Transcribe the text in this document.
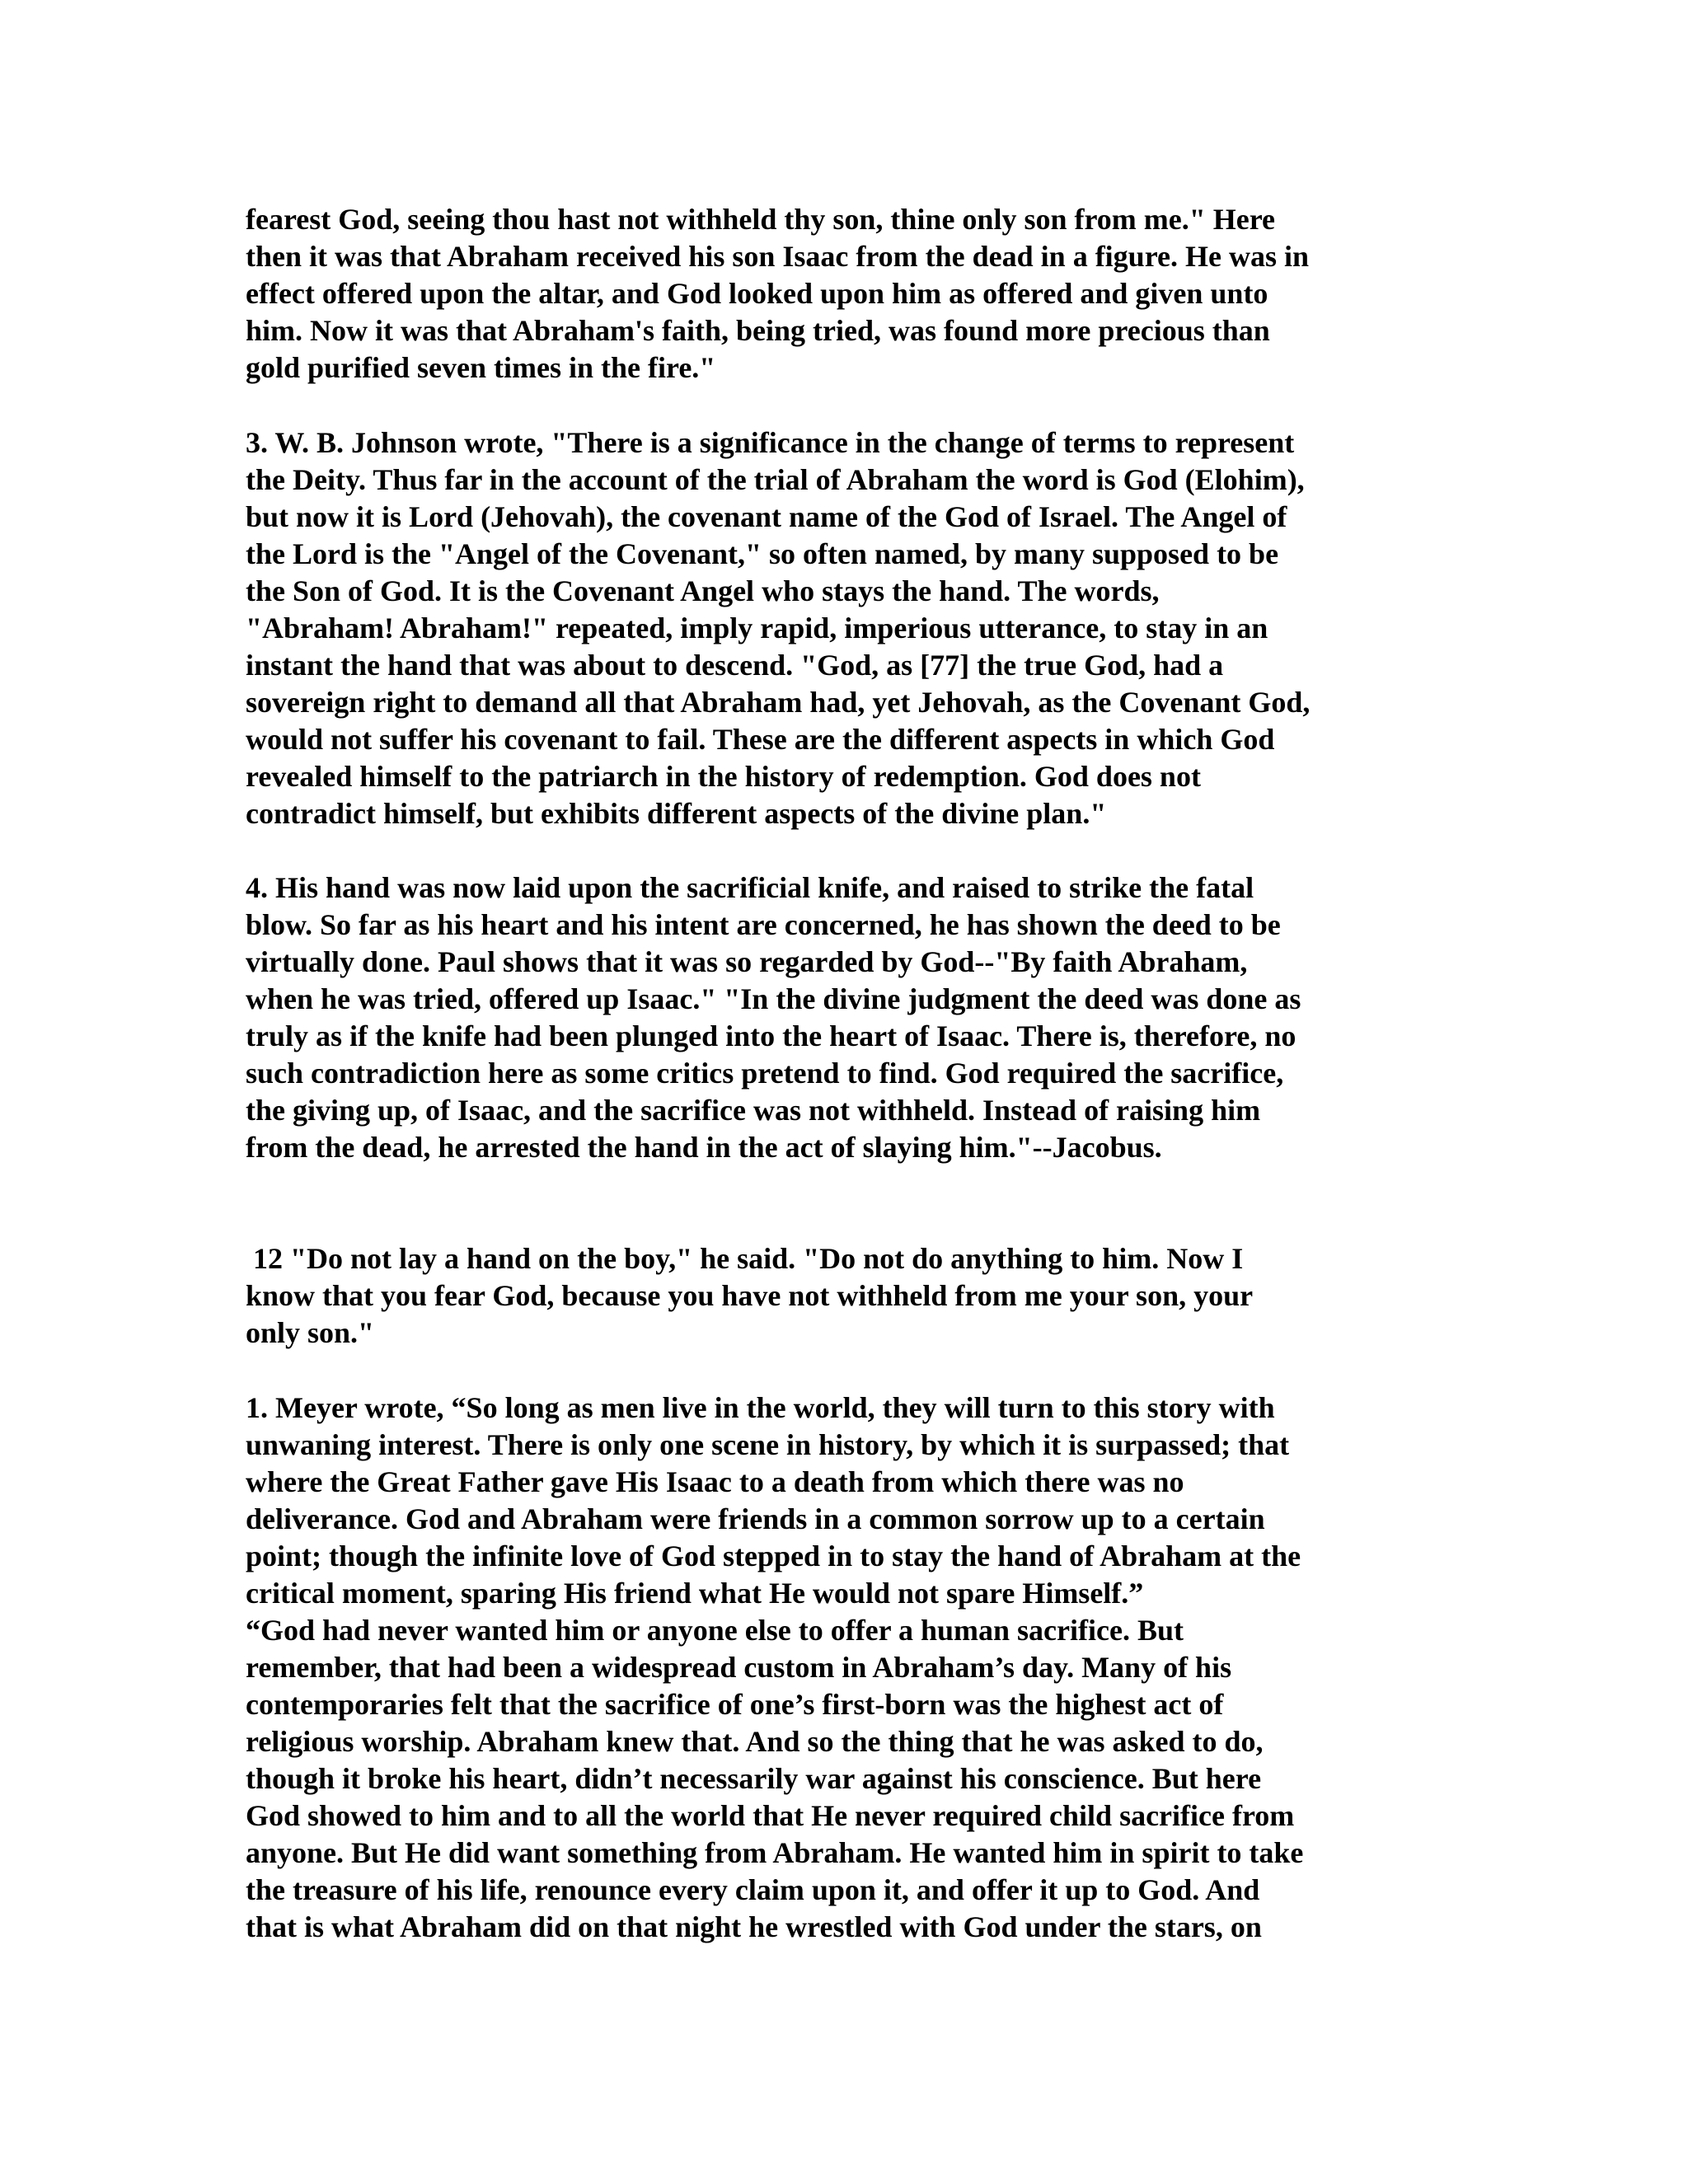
fearest God, seeing thou hast not withheld thy son, thine only son from me." Here

then it was that Abraham received his son Isaac from the dead in a figure. He was in

effect offered upon the altar, and God looked upon him as offered and given unto

him. Now it was that Abraham's faith, being tried, was found more precious than

gold purified seven times in the fire."

3. W. B. Johnson wrote, "There is a significance in the change of terms to represent

the Deity. Thus far in the account of the trial of Abraham the word is God (Elohim),

but now it is Lord (Jehovah), the covenant name of the God of Israel. The Angel of

the Lord is the "Angel of the Covenant," so often named, by many supposed to be

the Son of God. It is the Covenant Angel who stays the hand. The words,

"Abraham! Abraham!" repeated, imply rapid, imperious utterance, to stay in an

instant the hand that was about to descend. "God, as [77] the true God, had a

sovereign right to demand all that Abraham had, yet Jehovah, as the Covenant God,

would not suffer his covenant to fail. These are the different aspects in which God

revealed himself to the patriarch in the history of redemption. God does not

contradict himself, but exhibits different aspects of the divine plan."

4. His hand was now laid upon the sacrificial knife, and raised to strike the fatal

blow. So far as his heart and his intent are concerned, he has shown the deed to be

virtually done. Paul shows that it was so regarded by God--"By faith Abraham,

when he was tried, offered up Isaac." "In the divine judgment the deed was done as

truly as if the knife had been plunged into the heart of Isaac. There is, therefore, no

such contradiction here as some critics pretend to find. God required the sacrifice,

the giving up, of Isaac, and the sacrifice was not withheld. Instead of raising him

from the dead, he arrested the hand in the act of slaying him."--Jacobus.

12 "Do not lay a hand on the boy," he said. "Do not do anything to him. Now I

know that you fear God, because you have not withheld from me your son, your

only son."

1. Meyer wrote, “So long as men live in the world, they will turn to this story with

unwaning interest. There is only one scene in history, by which it is surpassed; that

where the Great Father gave His Isaac to a death from which there was no

deliverance. God and Abraham were friends in a common sorrow up to a certain

point; though the infinite love of God stepped in to stay the hand of Abraham at the

critical moment, sparing His friend what He would not spare Himself.”

“God had never wanted him or anyone else to offer a human sacrifice. But

remember, that had been a widespread custom in Abraham’s day. Many of his

contemporaries felt that the sacrifice of one’s first-born was the highest act of

religious worship. Abraham knew that. And so the thing that he was asked to do,

though it broke his heart, didn’t necessarily war against his conscience. But here

God showed to him and to all the world that He never required child sacrifice from

anyone. But He did want something from Abraham. He wanted him in spirit to take

the treasure of his life, renounce every claim upon it, and offer it up to God. And

that is what Abraham did on that night he wrestled with God under the stars, on
